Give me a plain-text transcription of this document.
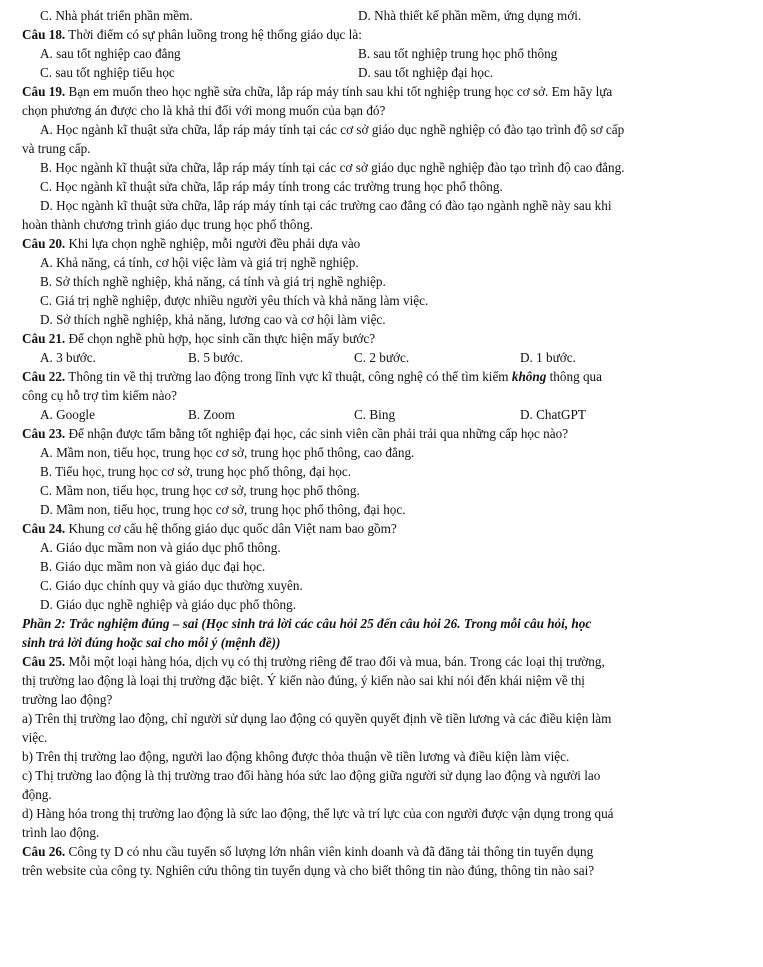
C. Nhà phát triển phần mềm.	D. Nhà thiết kế phần mềm, ứng dụng mới.
Câu 18. Thời điểm có sự phân luồng trong hệ thống giáo dục là:
A. sau tốt nghiệp cao đẳng	B. sau tốt nghiệp trung học phổ thông
C. sau tốt nghiệp tiểu học	D. sau tốt nghiệp đại học.
Câu 19. Bạn em muốn theo học nghề sửa chữa, lắp ráp máy tính sau khi tốt nghiệp trung học cơ sở. Em hãy lựa
chọn phương án được cho là khả thi đối với mong muốn của bạn đó?
A. Học ngành kĩ thuật sửa chữa, lắp ráp máy tính tại các cơ sở giáo dục nghề nghiệp có đào tạo trình độ sơ cấp
và trung cấp.
B. Học ngành kĩ thuật sửa chữa, lắp ráp máy tính tại các cơ sở giáo dục nghề nghiệp đào tạo trình độ cao đẳng.
C. Học ngành kĩ thuật sửa chữa, lắp ráp máy tính trong các trường trung học phổ thông.
D. Học ngành kĩ thuật sửa chữa, lắp ráp máy tính tại các trường cao đẳng có đào tạo ngành nghề này sau khi
hoàn thành chương trình giáo dục trung học phổ thông.
Câu 20. Khi lựa chọn nghề nghiệp, mỗi người đều phải dựa vào
A. Khả năng, cá tính, cơ hội việc làm và giá trị nghề nghiệp.
B. Sở thích nghề nghiệp, khả năng, cá tính và giá trị nghề nghiệp.
C. Giá trị nghề nghiệp, được nhiều người yêu thích và khả năng làm việc.
D. Sở thích nghề nghiệp, khả năng, lương cao và cơ hội làm việc.
Câu 21. Để chọn nghề phù hợp, học sinh cần thực hiện mấy bước?
A. 3 bước.	B. 5 bước.	C. 2 bước.	D. 1 bước.
Câu 22. Thông tin về thị trường lao động trong lĩnh vực kĩ thuật, công nghệ có thể tìm kiếm không thông qua
công cụ hỗ trợ tìm kiếm nào?
A. Google	B. Zoom	C. Bing	D. ChatGPT
Câu 23. Để nhận được tấm bằng tốt nghiệp đại học, các sinh viên cần phải trải qua những cấp học nào?
A. Mầm non, tiểu học, trung học cơ sở, trung học phổ thông, cao đẳng.
B. Tiểu học, trung học cơ sở, trung học phổ thông, đại học.
C. Mầm non, tiểu học, trung học cơ sở, trung học phổ thông.
D. Mầm non, tiểu học, trung học cơ sở, trung học phổ thông, đại học.
Câu 24. Khung cơ cấu hệ thống giáo dục quốc dân Việt nam bao gồm?
A. Giáo dục mầm non và giáo dục phổ thông.
B. Giáo dục mầm non và giáo dục đại học.
C. Giáo dục chính quy và giáo dục thường xuyên.
D. Giáo dục nghề nghiệp và giáo dục phổ thông.
Phần 2: Trắc nghiệm đúng – sai (Học sinh trả lời các câu hỏi 25 đến câu hỏi 26. Trong mỗi câu hỏi, học
sinh trả lời đúng hoặc sai cho mỗi ý (mệnh đề))
Câu 25. Mỗi một loại hàng hóa, dịch vụ có thị trường riêng để trao đổi và mua, bán. Trong các loại thị trường,
thị trường lao động là loại thị trường đặc biệt. Ý kiến nào đúng, ý kiến nào sai khi nói đến khái niệm về thị
trường lao động?
a) Trên thị trường lao động, chỉ người sử dụng lao động có quyền quyết định về tiền lương và các điều kiện làm
việc.
b) Trên thị trường lao động, người lao động không được thỏa thuận về tiền lương và điều kiện làm việc.
c) Thị trường lao động là thị trường trao đổi hàng hóa sức lao động giữa người sử dụng lao động và người lao
động.
d) Hàng hóa trong thị trường lao động là sức lao động, thể lực và trí lực của con người được vận dụng trong quá
trình lao động.
Câu 26. Công ty D có nhu cầu tuyển số lượng lớn nhân viên kinh doanh và đã đăng tải thông tin tuyển dụng
trên website của công ty. Nghiên cứu thông tin tuyển dụng và cho biết thông tin nào đúng, thông tin nào sai?
